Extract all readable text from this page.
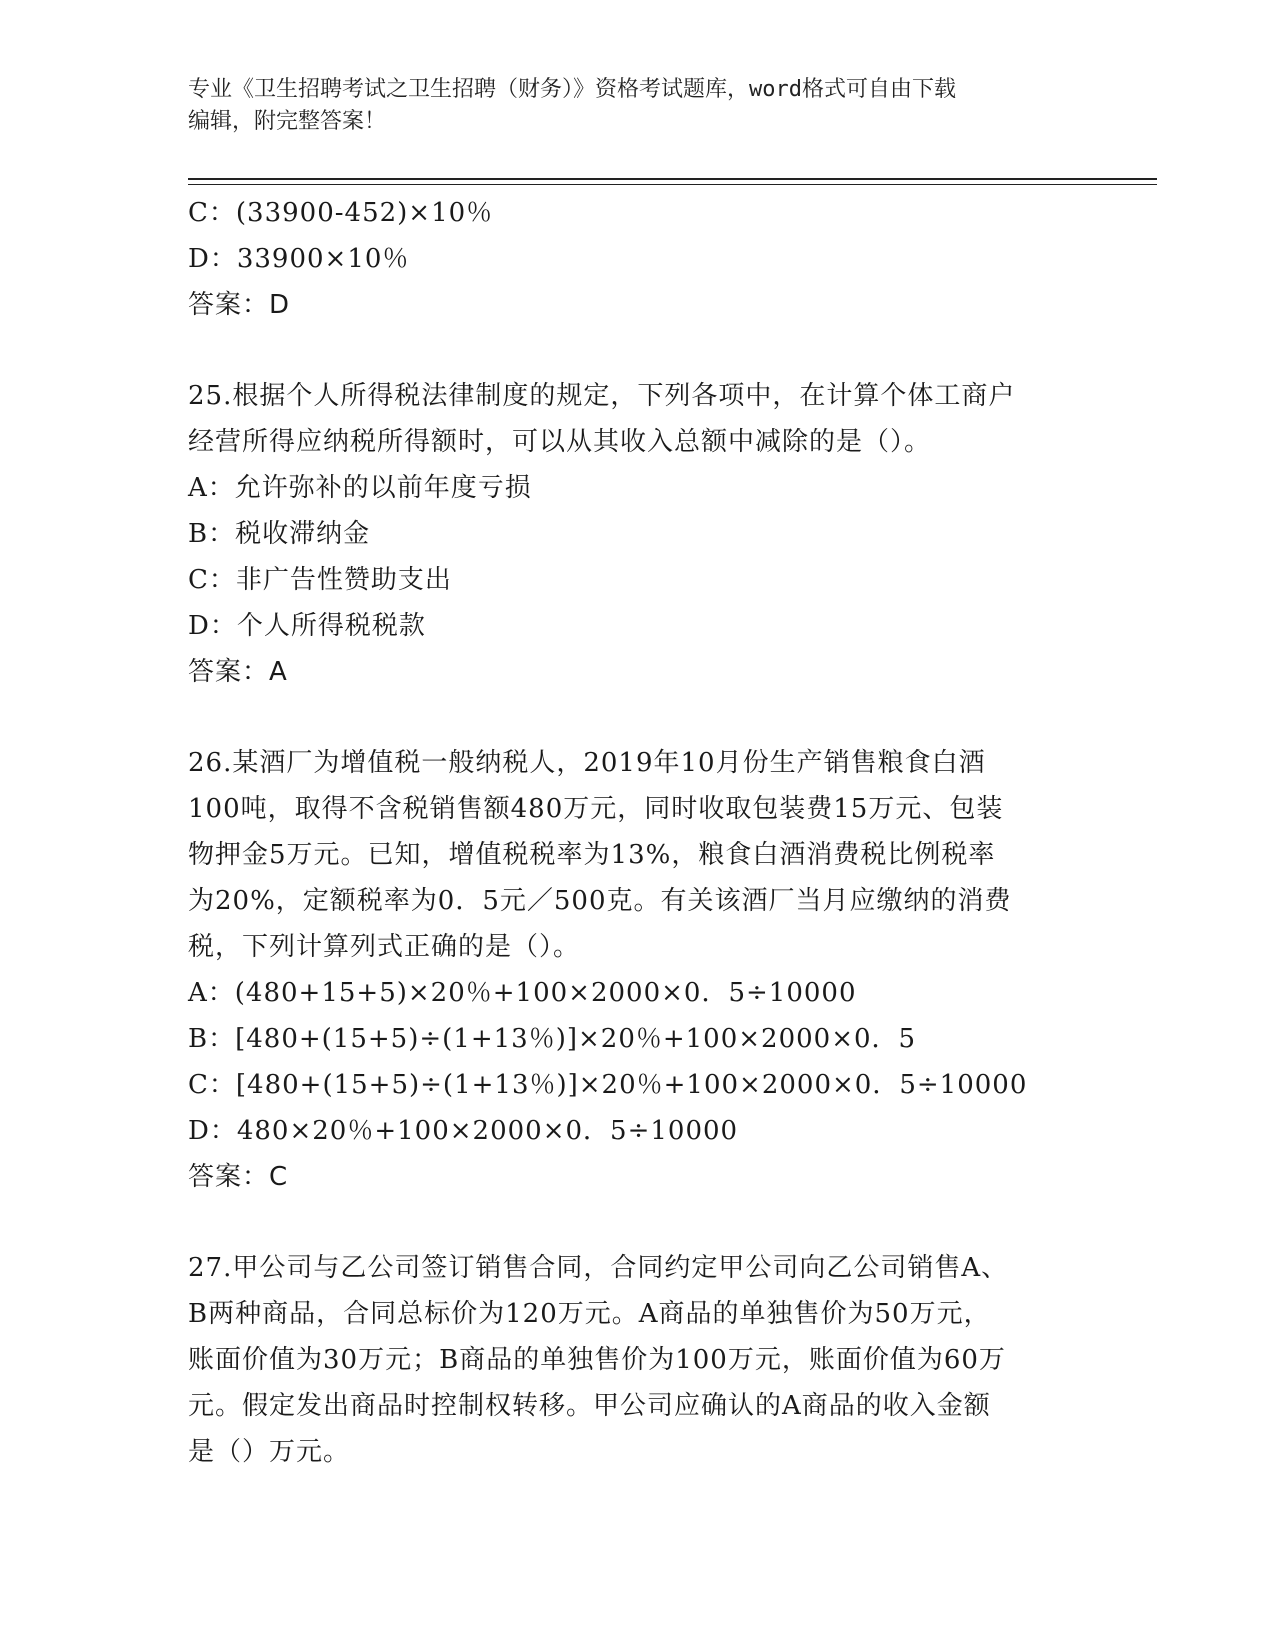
专业《卫生招聘考试之卫生招聘（财务）》资格考试题库，word格式可自由下载
编辑，附完整答案！
C：(33900-452)×10％
D：33900×10％
答案：D
25.根据个人所得税法律制度的规定，下列各项中，在计算个体工商户
经营所得应纳税所得额时，可以从其收入总额中减除的是（）。
A：允许弥补的以前年度亏损
B：税收滞纳金
C：非广告性赞助支出
D：个人所得税税款
答案：A
26.某酒厂为增值税一般纳税人，2019年10月份生产销售粮食白酒
100吨，取得不含税销售额480万元，同时收取包装费15万元、包装
物押金5万元。已知，增值税税率为13%，粮食白酒消费税比例税率
为20%，定额税率为0．5元／500克。有关该酒厂当月应缴纳的消费
税，下列计算列式正确的是（）。
A：(480+15+5)×20％+100×2000×0．5÷10000
B：[480+(15+5)÷(1+13％)]×20％+100×2000×0．5
C：[480+(15+5)÷(1+13％)]×20％+100×2000×0．5÷10000
D：480×20％+100×2000×0．5÷10000
答案：C
27.甲公司与乙公司签订销售合同，合同约定甲公司向乙公司销售A、
B两种商品，合同总标价为120万元。A商品的单独售价为50万元，
账面价值为30万元；B商品的单独售价为100万元，账面价值为60万
元。假定发出商品时控制权转移。甲公司应确认的A商品的收入金额
是（）万元。
